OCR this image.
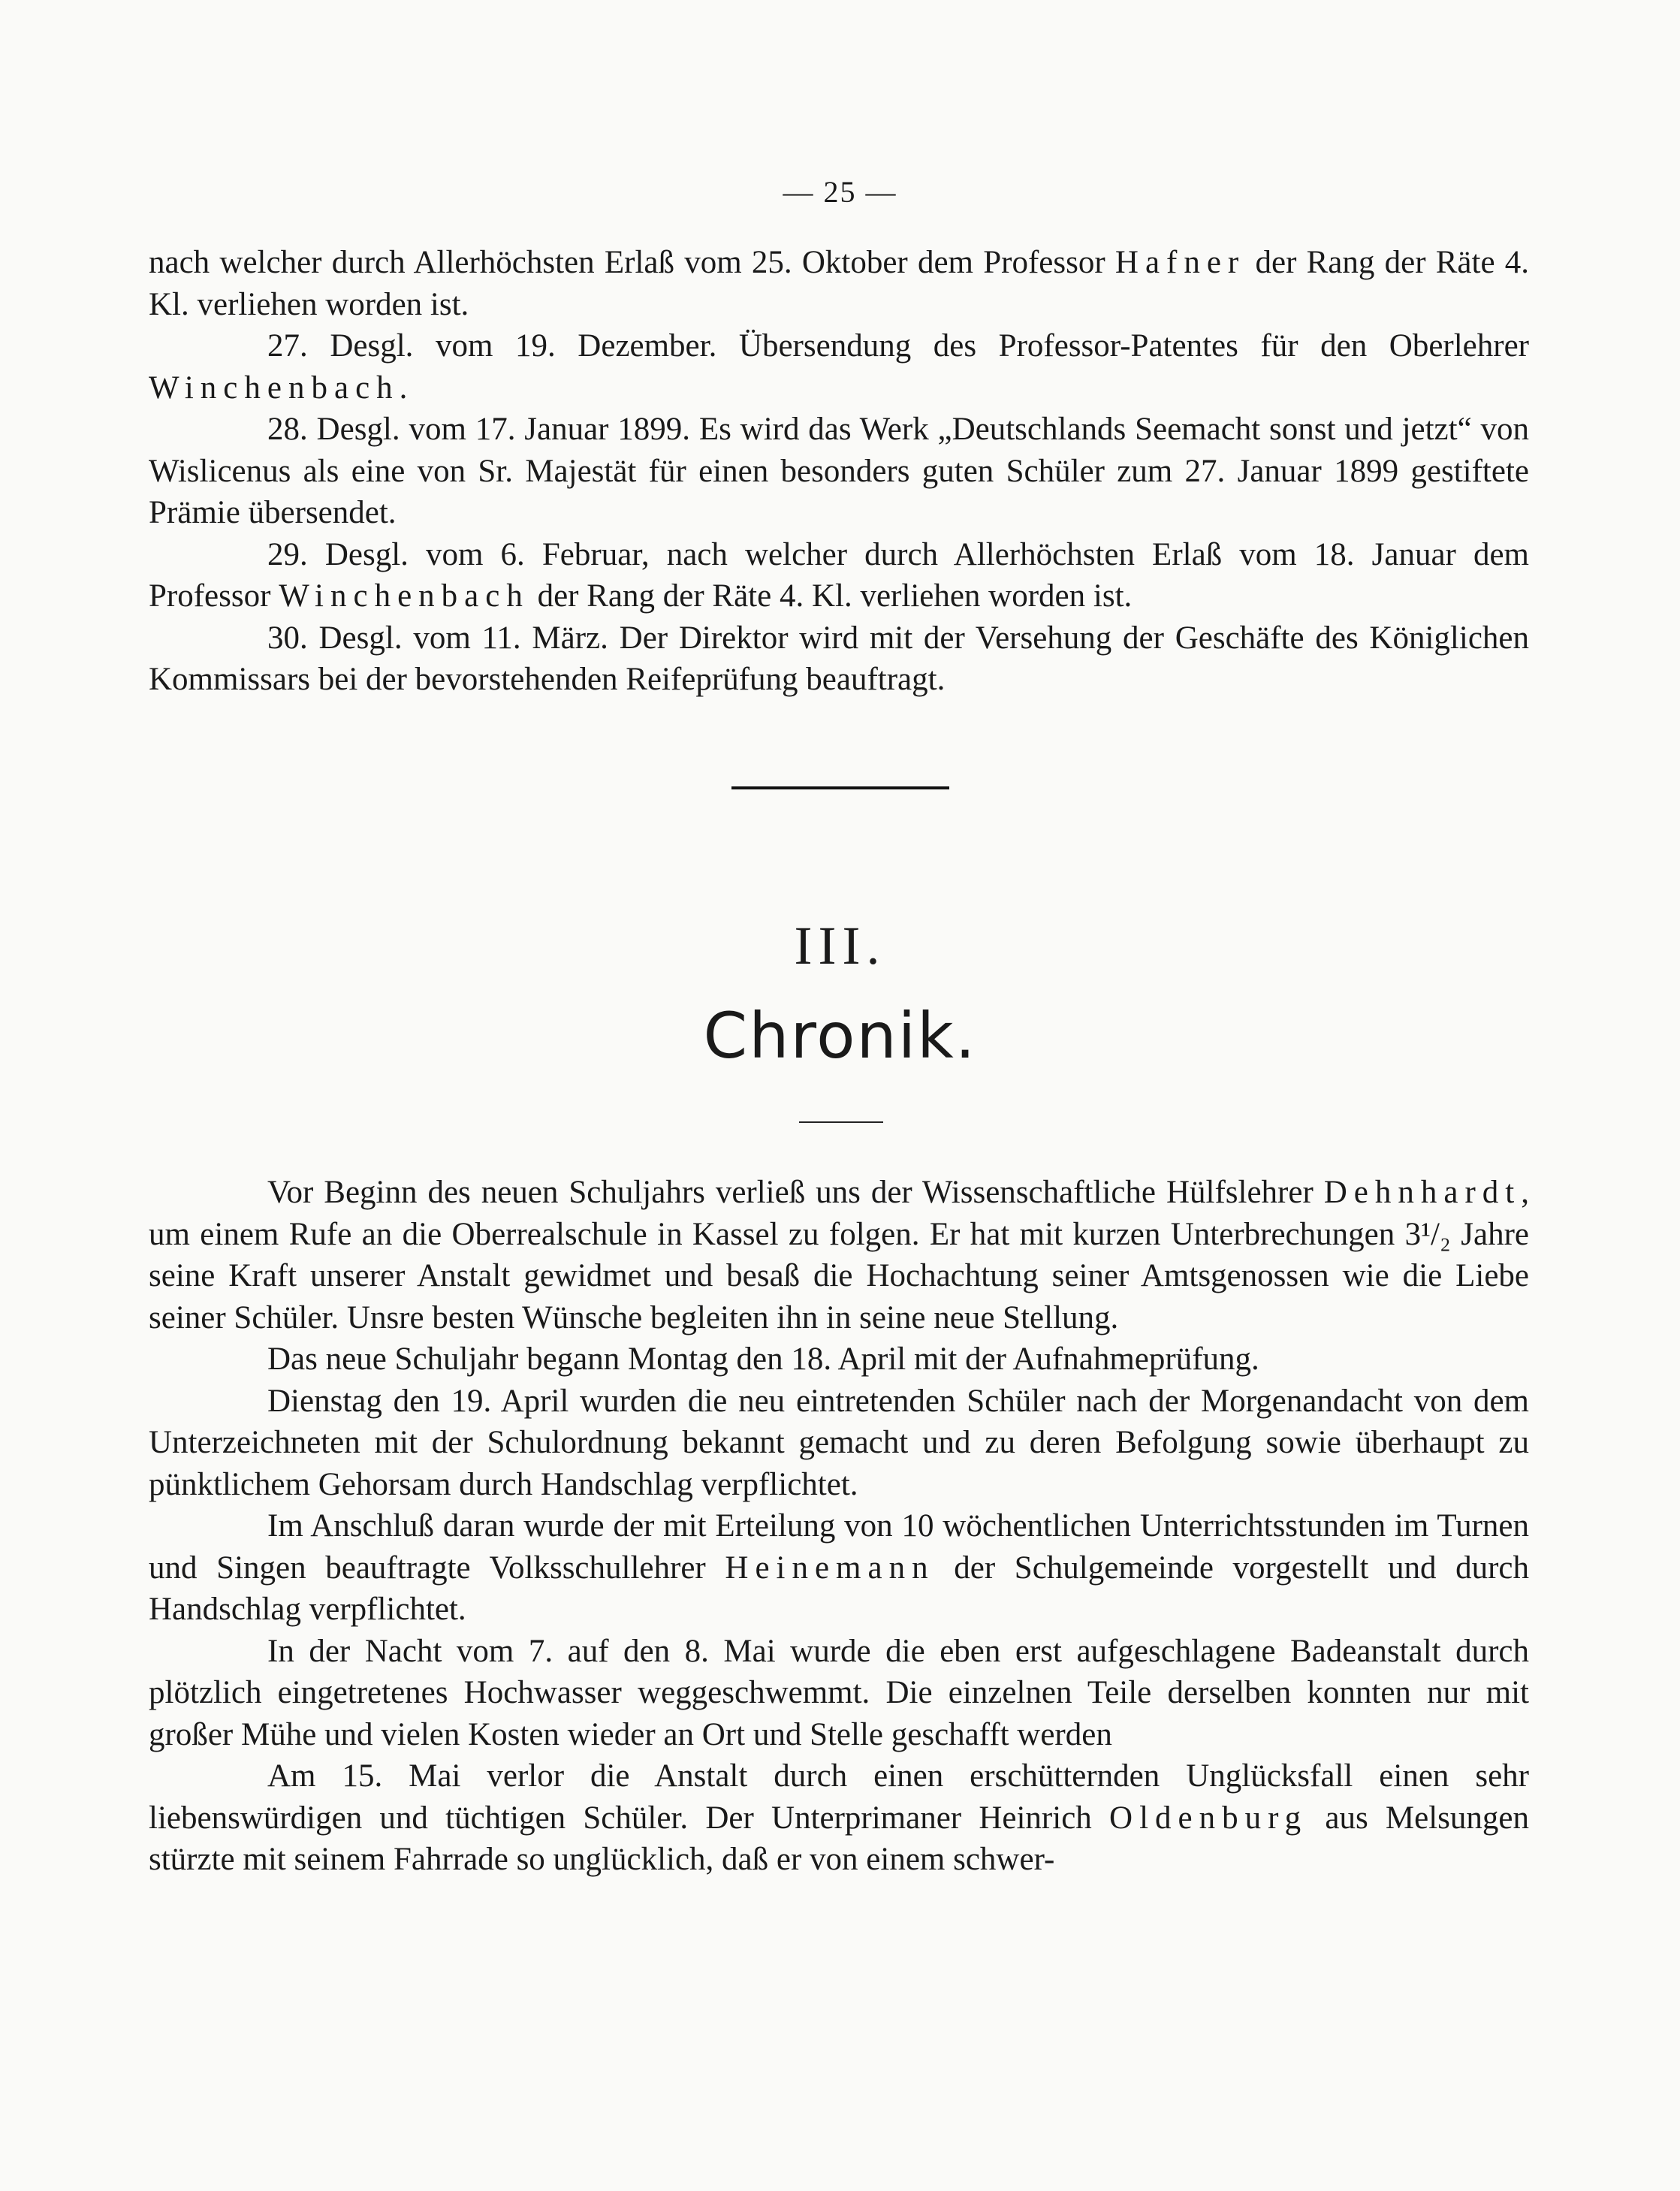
— 25 —

nach welcher durch Allerhöchsten Erlaß vom 25. Oktober dem Professor Hafner der Rang der Räte 4. Kl. verliehen worden ist.

27. Desgl. vom 19. Dezember. Übersendung des Professor-Patentes für den Oberlehrer Winchenbach.

28. Desgl. vom 17. Januar 1899. Es wird das Werk „Deutschlands Seemacht sonst und jetzt“ von Wislicenus als eine von Sr. Majestät für einen besonders guten Schüler zum 27. Januar 1899 gestiftete Prämie übersendet.

29. Desgl. vom 6. Februar, nach welcher durch Allerhöchsten Erlaß vom 18. Januar dem Professor Winchenbach der Rang der Räte 4. Kl. verliehen worden ist.

30. Desgl. vom 11. März. Der Direktor wird mit der Versehung der Geschäfte des Königlichen Kommissars bei der bevorstehenden Reifeprüfung beauftragt.

III.
Chronik.

Vor Beginn des neuen Schuljahrs verließ uns der Wissenschaftliche Hülfslehrer Dehnhardt, um einem Rufe an die Oberrealschule in Kassel zu folgen. Er hat mit kurzen Unterbrechungen 3¹/₂ Jahre seine Kraft unserer Anstalt gewidmet und besaß die Hochachtung seiner Amtsgenossen wie die Liebe seiner Schüler. Unsre besten Wünsche begleiten ihn in seine neue Stellung.

Das neue Schuljahr begann Montag den 18. April mit der Aufnahmeprüfung.

Dienstag den 19. April wurden die neu eintretenden Schüler nach der Morgenandacht von dem Unterzeichneten mit der Schulordnung bekannt gemacht und zu deren Befolgung sowie überhaupt zu pünktlichem Gehorsam durch Handschlag verpflichtet.

Im Anschluß daran wurde der mit Erteilung von 10 wöchentlichen Unterrichtsstunden im Turnen und Singen beauftragte Volksschullehrer Heinemann der Schulgemeinde vorgestellt und durch Handschlag verpflichtet.

In der Nacht vom 7. auf den 8. Mai wurde die eben erst aufgeschlagene Badeanstalt durch plötzlich eingetretenes Hochwasser weggeschwemmt. Die einzelnen Teile derselben konnten nur mit großer Mühe und vielen Kosten wieder an Ort und Stelle geschafft werden

Am 15. Mai verlor die Anstalt durch einen erschütternden Unglücksfall einen sehr liebenswürdigen und tüchtigen Schüler. Der Unterprimaner Heinrich Oldenburg aus Melsungen stürzte mit seinem Fahrrade so unglücklich, daß er von einem schwer-
